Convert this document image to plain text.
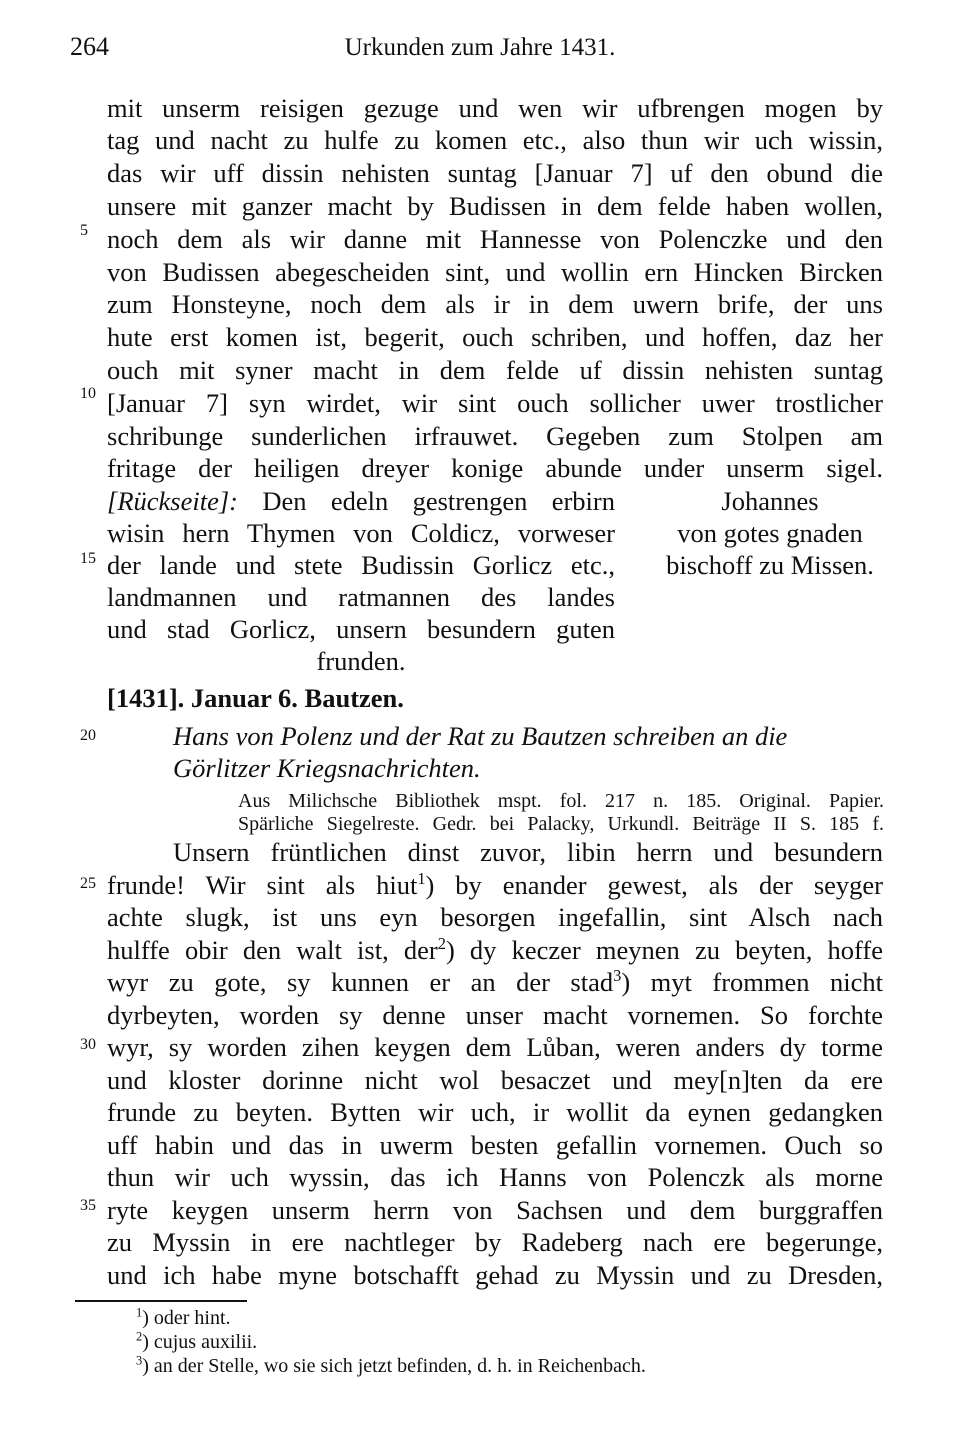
264	Urkunden zum Jahre 1431.
5
10
15
20
25
30
35
mit unserm reisigen gezuge und wen wir ufbrengen mogen by
tag und nacht zu hulfe zu komen etc., also thun wir uch wissin,
das wir uff dissin nehisten suntag [Januar 7] uf den obund die
unsere mit ganzer macht by Budissen in dem felde haben wollen,
noch dem als wir danne mit Hannesse von Polenczke und den
von Budissen abegescheiden sint, und wollin ern Hincken Bircken
zum Honsteyne, noch dem als ir in dem uwern brife, der uns
hute erst komen ist, begerit, ouch schriben, und hoffen, daz her
ouch mit syner macht in dem felde uf dissin nehisten suntag
[Januar 7] syn wirdet, wir sint ouch sollicher uwer trostlicher
schribunge sunderlichen irfrauwet. Gegeben zum Stolpen am
fritage der heiligen dreyer konige abunde under unserm sigel.
[Rückseite]: Den edeln gestrengen erbirn
wisin hern Thymen von Coldicz, vorweser
der lande und stete Budissin Gorlicz etc.,
landmannen und ratmannen des landes
und stad Gorlicz, unsern besundern guten
frunden.
Johannes
von gotes gnaden
bischoff zu Missen.
[1431]. Januar 6. Bautzen.
Hans von Polenz und der Rat zu Bautzen schreiben an die
Görlitzer Kriegsnachrichten.
Aus Milichsche Bibliothek mspt. fol. 217 n. 185. Original. Papier.
Spärliche Siegelreste. Gedr. bei Palacky, Urkundl. Beiträge II S. 185 f.
Unsern früntlichen dinst zuvor, libin herrn und besundern
frunde! Wir sint als hiut$^1$) by enander gewest, als der seyger
achte slugk, ist uns eyn besorgen ingefallin, sint Alsch nach
hulffe obir den walt ist, der$^2$) dy keczer meynen zu beyten, hoffe
wyr zu gote, sy kunnen er an der stad$^3$) myt frommen nicht
dyrbeyten, worden sy denne unser macht vornemen. So forchte
wyr, sy worden zihen keygen dem Lůban, weren anders dy torme
und kloster dorinne nicht wol besaczet und mey[n]ten da ere
frunde zu beyten. Bytten wir uch, ir wollit da eynen gedangken
uff habin und das in uwerm besten gefallin vornemen. Ouch so
thun wir uch wyssin, das ich Hanns von Polenczk als morne
ryte keygen unserm herrn von Sachsen und dem burggraffen
zu Myssin in ere nachtleger by Radeberg nach ere begerunge,
und ich habe myne botschafft gehad zu Myssin und zu Dresden,
$^1$) oder hint.
$^2$) cujus auxilii.
$^3$) an der Stelle, wo sie sich jetzt befinden, d. h. in Reichenbach.
